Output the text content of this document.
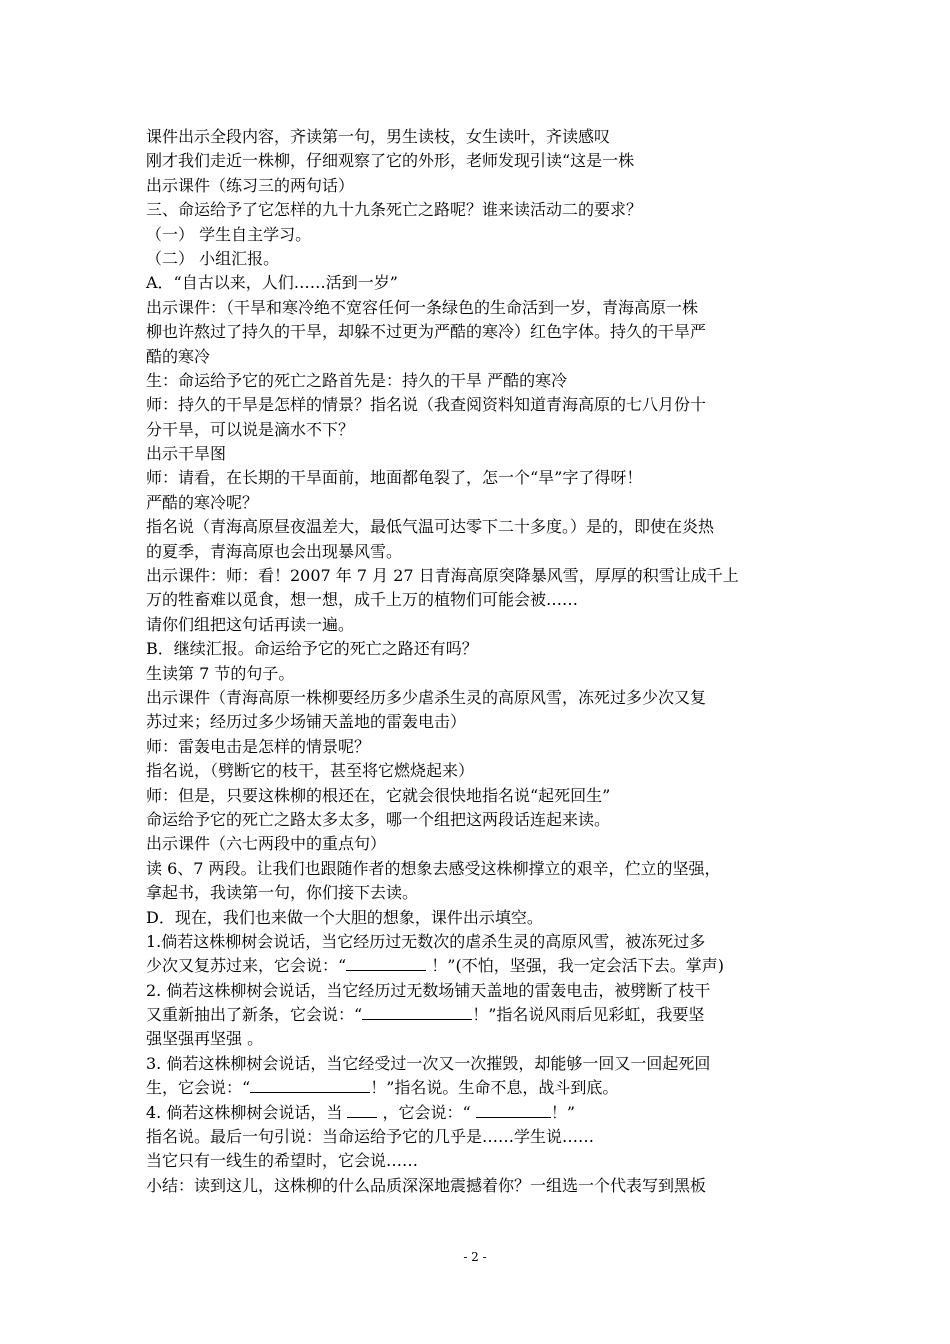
课件出示全段内容，齐读第一句，男生读枝，女生读叶，齐读感叹
刚才我们走近一株柳，仔细观察了它的外形，老师发现引读“这是一株
出示课件（练习三的两句话）
三、命运给予了它怎样的九十九条死亡之路呢？谁来读活动二的要求？
（一） 学生自主学习。
（二） 小组汇报。
A．“自古以来，人们……活到一岁”
出示课件：（干旱和寒冷绝不宽容任何一条绿色的生命活到一岁，青海高原一株
柳也许熬过了持久的干旱，却躲不过更为严酷的寒冷）红色字体。持久的干旱严
酷的寒冷
生：命运给予它的死亡之路首先是：持久的干旱 严酷的寒冷
师：持久的干旱是怎样的情景？指名说（我查阅资料知道青海高原的七八月份十
分干旱，可以说是滴水不下？
出示干旱图
师：请看，在长期的干旱面前，地面都龟裂了，怎一个“旱”字了得呀！
严酷的寒冷呢？
指名说（青海高原昼夜温差大，最低气温可达零下二十多度。）是的，即使在炎热
的夏季，青海高原也会出现暴风雪。
出示课件：师：看！2007 年 7 月 27 日青海高原突降暴风雪，厚厚的积雪让成千上
万的牲畜难以觅食，想一想，成千上万的植物们可能会被……
请你们组把这句话再读一遍。
B．继续汇报。命运给予它的死亡之路还有吗？
生读第 7 节的句子。
出示课件（青海高原一株柳要经历多少虐杀生灵的高原风雪，冻死过多少次又复
苏过来；经历过多少场铺天盖地的雷轰电击）
师：雷轰电击是怎样的情景呢？
指名说，（劈断它的枝干，甚至将它燃烧起来）
师：但是，只要这株柳的根还在，它就会很快地指名说“起死回生”
命运给予它的死亡之路太多太多，哪一个组把这两段话连起来读。
出示课件（六七两段中的重点句）
读 6、7 两段。让我们也跟随作者的想象去感受这株柳撑立的艰辛，伫立的坚强，
拿起书，我读第一句，你们接下去读。
D．现在，我们也来做一个大胆的想象，课件出示填空。
1.倘若这株柳树会说话，当它经历过无数次的虐杀生灵的高原风雪，被冻死过多
少次又复苏过来，它会说：“	！”(不怕，坚强，我一定会活下去。掌声)
2. 倘若这株柳树会说话，当它经历过无数场铺天盖地的雷轰电击，被劈断了枝干
又重新抽出了新条，它会说：“	！”指名说风雨后见彩虹，我要坚
强坚强再坚强 。
3. 倘若这株柳树会说话，当它经受过一次又一次摧毁，却能够一回又一回起死回
生，它会说：“	！”指名说。生命不息，战斗到底。
4. 倘若这株柳树会说话，当  ，它会说：“	！”
指名说。最后一句引说：当命运给予它的几乎是……学生说……
当它只有一线生的希望时，它会说……
小结：读到这儿，这株柳的什么品质深深地震撼着你？一组选一个代表写到黑板
- 2 -
